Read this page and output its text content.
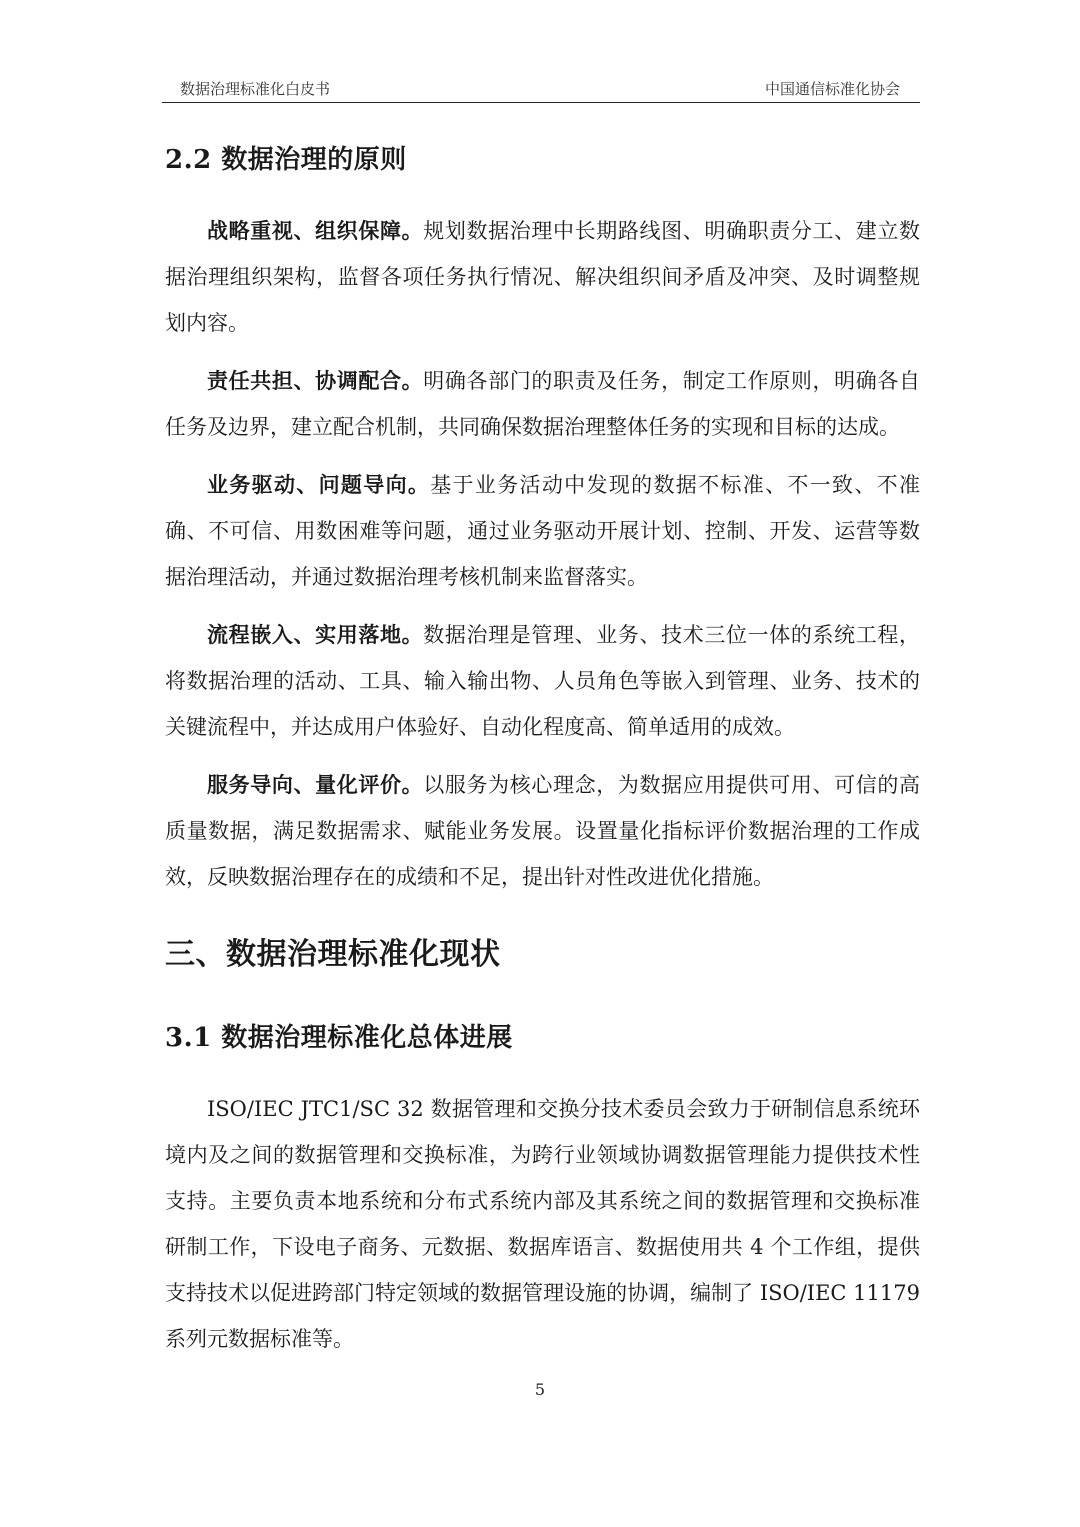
数据治理标准化白皮书	中国通信标准化协会
2.2 数据治理的原则

战略重视、组织保障。规划数据治理中长期路线图、明确职责分工、建立数据治理组织架构，监督各项任务执行情况、解决组织间矛盾及冲突、及时调整规划内容。

责任共担、协调配合。明确各部门的职责及任务，制定工作原则，明确各自任务及边界，建立配合机制，共同确保数据治理整体任务的实现和目标的达成。

业务驱动、问题导向。基于业务活动中发现的数据不标准、不一致、不准确、不可信、用数困难等问题，通过业务驱动开展计划、控制、开发、运营等数据治理活动，并通过数据治理考核机制来监督落实。

流程嵌入、实用落地。数据治理是管理、业务、技术三位一体的系统工程，将数据治理的活动、工具、输入输出物、人员角色等嵌入到管理、业务、技术的关键流程中，并达成用户体验好、自动化程度高、简单适用的成效。

服务导向、量化评价。以服务为核心理念，为数据应用提供可用、可信的高质量数据，满足数据需求、赋能业务发展。设置量化指标评价数据治理的工作成效，反映数据治理存在的成绩和不足，提出针对性改进优化措施。

三、数据治理标准化现状
3.1 数据治理标准化总体进展

ISO/IEC JTC1/SC 32 数据管理和交换分技术委员会致力于研制信息系统环境内及之间的数据管理和交换标准，为跨行业领域协调数据管理能力提供技术性支持。主要负责本地系统和分布式系统内部及其系统之间的数据管理和交换标准研制工作，下设电子商务、元数据、数据库语言、数据使用共 4 个工作组，提供支持技术以促进跨部门特定领域的数据管理设施的协调，编制了 ISO/IEC 11179 系列元数据标准等。

5
